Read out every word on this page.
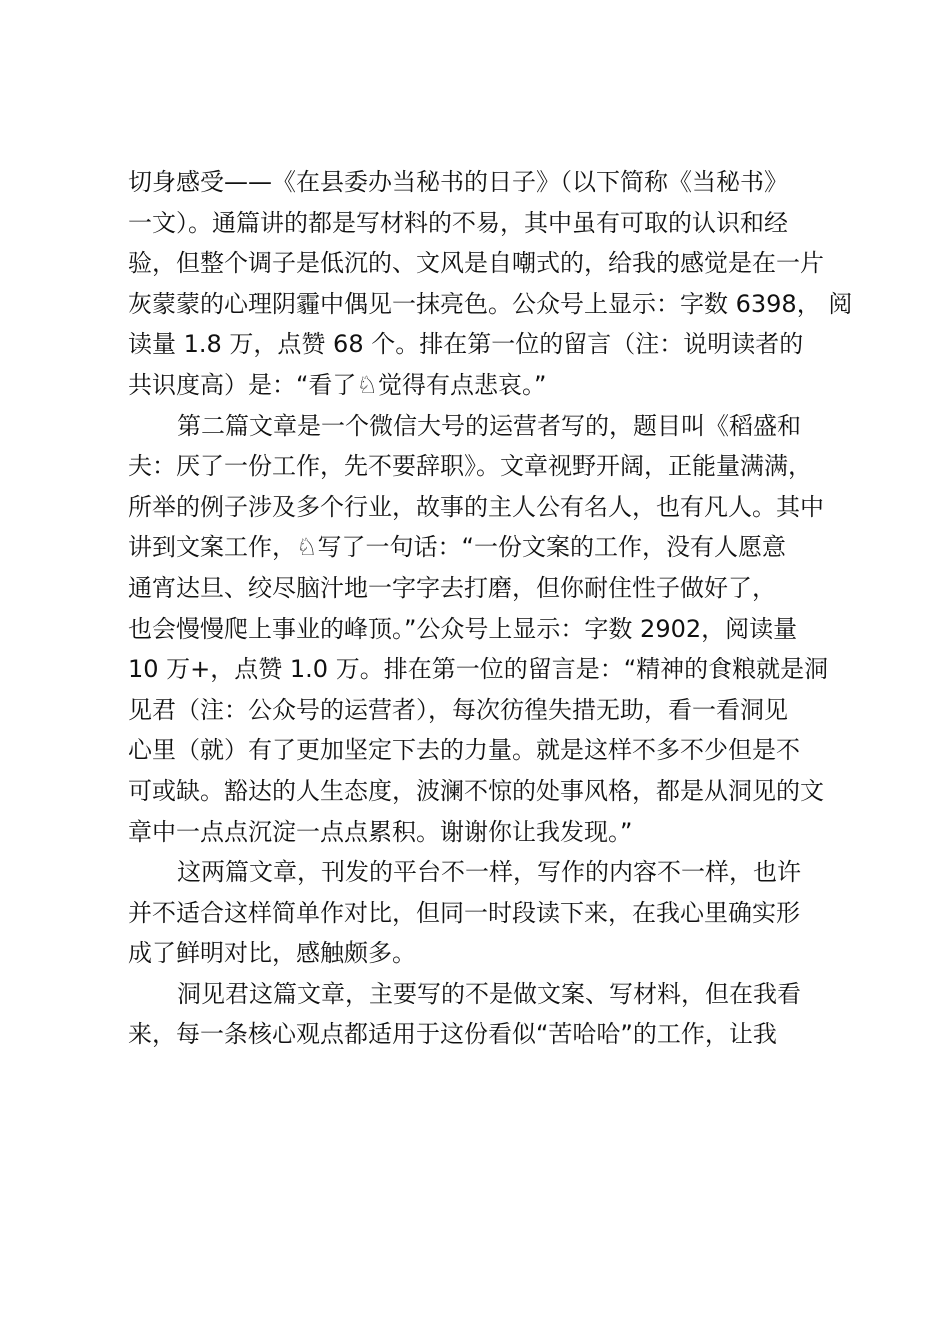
切身感受——《在县委办当秘书的日子》（以下简称《当秘书》
一文）。通篇讲的都是写材料的不易，其中虽有可取的认识和经
验，但整个调子是低沉的、文风是自嘲式的，给我的感觉是在一片
灰蒙蒙的心理阴霾中偶见一抹亮色。公众号上显示：字数 6398， 阅
读量 1.8 万，点赞 68 个。排在第一位的留言（注：说明读者的
共识度高）是：“看了♘觉得有点悲哀。”
第二篇文章是一个微信大号的运营者写的，题目叫《稻盛和
夫：厌了一份工作，先不要辞职》。文章视野开阔，正能量满满，
所举的例子涉及多个行业，故事的主人公有名人，也有凡人。其中
讲到文案工作，♘写了一句话：“一份文案的工作，没有人愿意
通宵达旦、绞尽脑汁地一字字去打磨，但你耐住性子做好了，
也会慢慢爬上事业的峰顶。”公众号上显示：字数 2902，阅读量
10 万+，点赞 1.0 万。排在第一位的留言是：“精神的食粮就是洞
见君（注：公众号的运营者），每次彷徨失措无助，看一看洞见
心里（就）有了更加坚定下去的力量。就是这样不多不少但是不
可或缺。豁达的人生态度，波澜不惊的处事风格，都是从洞见的文
章中一点点沉淀一点点累积。谢谢你让我发现。”
这两篇文章，刊发的平台不一样，写作的内容不一样，也许
并不适合这样简单作对比，但同一时段读下来，在我心里确实形
成了鲜明对比，感触颇多。
洞见君这篇文章，主要写的不是做文案、写材料，但在我看
来，每一条核心观点都适用于这份看似“苦哈哈”的工作，让我
